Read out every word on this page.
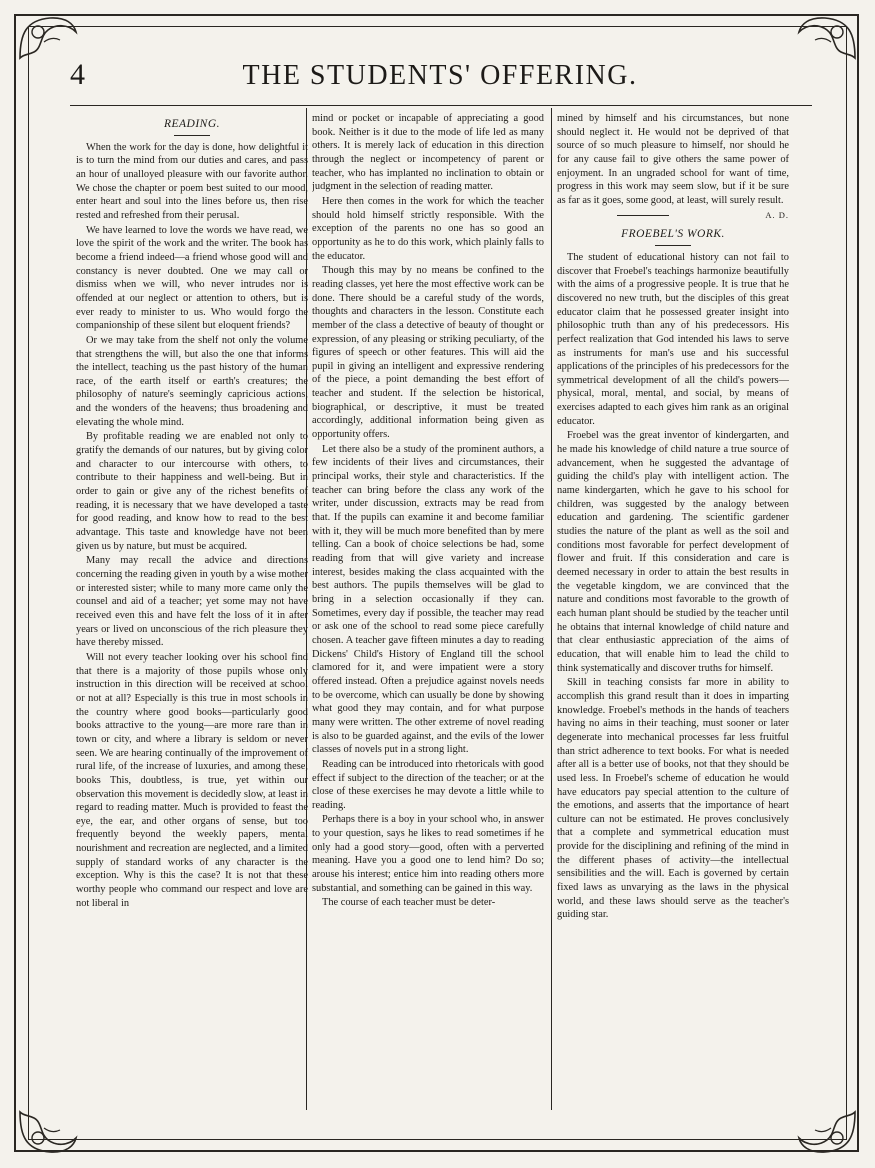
4	THE STUDENTS' OFFERING.
READING.

When the work for the day is done, how delightful it is to turn the mind from our duties and cares, and pass an hour of unalloyed pleasure with our favorite author. We chose the chapter or poem best suited to our mood, enter heart and soul into the lines before us, then rise rested and refreshed from their perusal.

We have learned to love the words we have read, we love the spirit of the work and the writer. The book has become a friend indeed—a friend whose good will and constancy is never doubted. One we may call or dismiss when we will, who never intrudes nor is offended at our neglect or attention to others, but is ever ready to minister to us. Who would forgo the companionship of these silent but eloquent friends?

Or we may take from the shelf not only the volume that strengthens the will, but also the one that informs the intellect, teaching us the past history of the human race, of the earth itself or earth's creatures; the philosophy of nature's seemingly capricious actions, and the wonders of the heavens; thus broadening and elevating the whole mind.

By profitable reading we are enabled not only to gratify the demands of our natures, but by giving color and character to our intercourse with others, to contribute to their happiness and well-being. But in order to gain or give any of the richest benefits of reading, it is necessary that we have developed a taste for good reading, and know how to read to the best advantage. This taste and knowledge have not been given us by nature, but must be acquired.

Many may recall the advice and directions concerning the reading given in youth by a wise mother or interested sister; while to many more came only the counsel and aid of a teacher; yet some may not have received even this and have felt the loss of it in after years or lived on unconscious of the rich pleasure they have thereby missed.

Will not every teacher looking over his school find that there is a majority of those pupils whose only instruction in this direction will be received at school or not at all? Especially is this true in most schools in the country where good books—particularly good books attractive to the young—are more rare than in town or city, and where a library is seldom or never seen. We are hearing continually of the improvement of rural life, of the increase of luxuries, and among these, books This, doubtless, is true, yet within our observation this movement is decidedly slow, at least in regard to reading matter. Much is provided to feast the eye, the ear, and other organs of sense, but too frequently beyond the weekly papers, mental nourishment and recreation are neglected, and a limited supply of standard works of any character is the exception. Why is this the case? It is not that these worthy people who command our respect and love are not liberal in

mind or pocket or incapable of appreciating a good book. Neither is it due to the mode of life led as many others. It is merely lack of education in this direction through the neglect or incompetency of parent or teacher, who has implanted no inclination to obtain or judgment in the selection of reading matter.

Here then comes in the work for which the teacher should hold himself strictly responsible. With the exception of the parents no one has so good an opportunity as he to do this work, which plainly falls to the educator.

Though this may by no means be confined to the reading classes, yet here the most effective work can be done. There should be a careful study of the words, thoughts and characters in the lesson. Constitute each member of the class a detective of beauty of thought or expression, of any pleasing or striking peculiarty, of the figures of speech or other features. This will aid the pupil in giving an intelligent and expressive rendering of the piece, a point demanding the best effort of teacher and student. If the selection be historical, biographical, or descriptive, it must be treated accordingly, additional information being given as opportunity offers.

Let there also be a study of the prominent authors, a few incidents of their lives and circumstances, their principal works, their style and characteristics. If the teacher can bring before the class any work of the writer, under discussion, extracts may be read from that. If the pupils can examine it and become familiar with it, they will be much more benefited than by mere telling. Can a book of choice selections be had, some reading from that will give variety and increase interest, besides making the class acquainted with the best authors. The pupils themselves will be glad to bring in a selection occasionally if they can. Sometimes, every day if possible, the teacher may read or ask one of the school to read some piece carefully chosen. A teacher gave fifteen minutes a day to reading Dickens' Child's History of England till the school clamored for it, and were impatient were a story offered instead. Often a prejudice against novels needs to be overcome, which can usually be done by showing what good they may contain, and for what purpose many were written. The other extreme of novel reading is also to be guarded against, and the evils of the lower classes of novels put in a strong light.

Reading can be introduced into rhetoricals with good effect if subject to the direction of the teacher; or at the close of these exercises he may devote a little while to reading.

Perhaps there is a boy in your school who, in answer to your question, says he likes to read sometimes if he only had a good story—good, often with a perverted meaning. Have you a good one to lend him? Do so; arouse his interest; entice him into reading others more substantial, and something can be gained in this way.

The course of each teacher must be deter-

mined by himself and his circumstances, but none should neglect it. He would not be deprived of that source of so much pleasure to himself, nor should he for any cause fail to give others the same power of enjoyment. In an ungraded school for want of time, progress in this work may seem slow, but if it be sure as far as it goes, some good, at least, will surely result.

A. D.
FROEBEL'S WORK.

The student of educational history can not fail to discover that Froebel's teachings harmonize beautifully with the aims of a progressive people. It is true that he discovered no new truth, but the disciples of this great educator claim that he possessed greater insight into philosophic truth than any of his predecessors. His perfect realization that God intended his laws to serve as instruments for man's use and his successful applications of the principles of his predecessors for the symmetrical development of all the child's powers—physical, moral, mental, and social, by means of exercises adapted to each gives him rank as an original educator.

Froebel was the great inventor of kindergarten, and he made his knowledge of child nature a true source of advancement, when he suggested the advantage of guiding the child's play with intelligent action. The name kindergarten, which he gave to his school for children, was suggested by the analogy between education and gardening. The scientific gardener studies the nature of the plant as well as the soil and conditions most favorable for perfect development of flower and fruit. If this consideration and care is deemed necessary in order to attain the best results in the vegetable kingdom, we are convinced that the nature and conditions most favorable to the growth of each human plant should be studied by the teacher until he obtains that internal knowledge of child nature and that clear enthusiastic appreciation of the aims of education, that will enable him to lead the child to think systematically and discover truths for himself.

Skill in teaching consists far more in ability to accomplish this grand result than it does in imparting knowledge. Froebel's methods in the hands of teachers having no aims in their teaching, must sooner or later degenerate into mechanical processes far less fruitful than strict adherence to text books. For what is needed after all is a better use of books, not that they should be used less. In Froebel's scheme of education he would have educators pay special attention to the culture of the emotions, and asserts that the importance of heart culture can not be estimated. He proves conclusively that a complete and symmetrical education must provide for the disciplining and refining of the mind in the different phases of activity—the intellectual sensibilities and the will. Each is governed by certain fixed laws as unvarying as the laws in the physical world, and these laws should serve as the teacher's guiding star.
